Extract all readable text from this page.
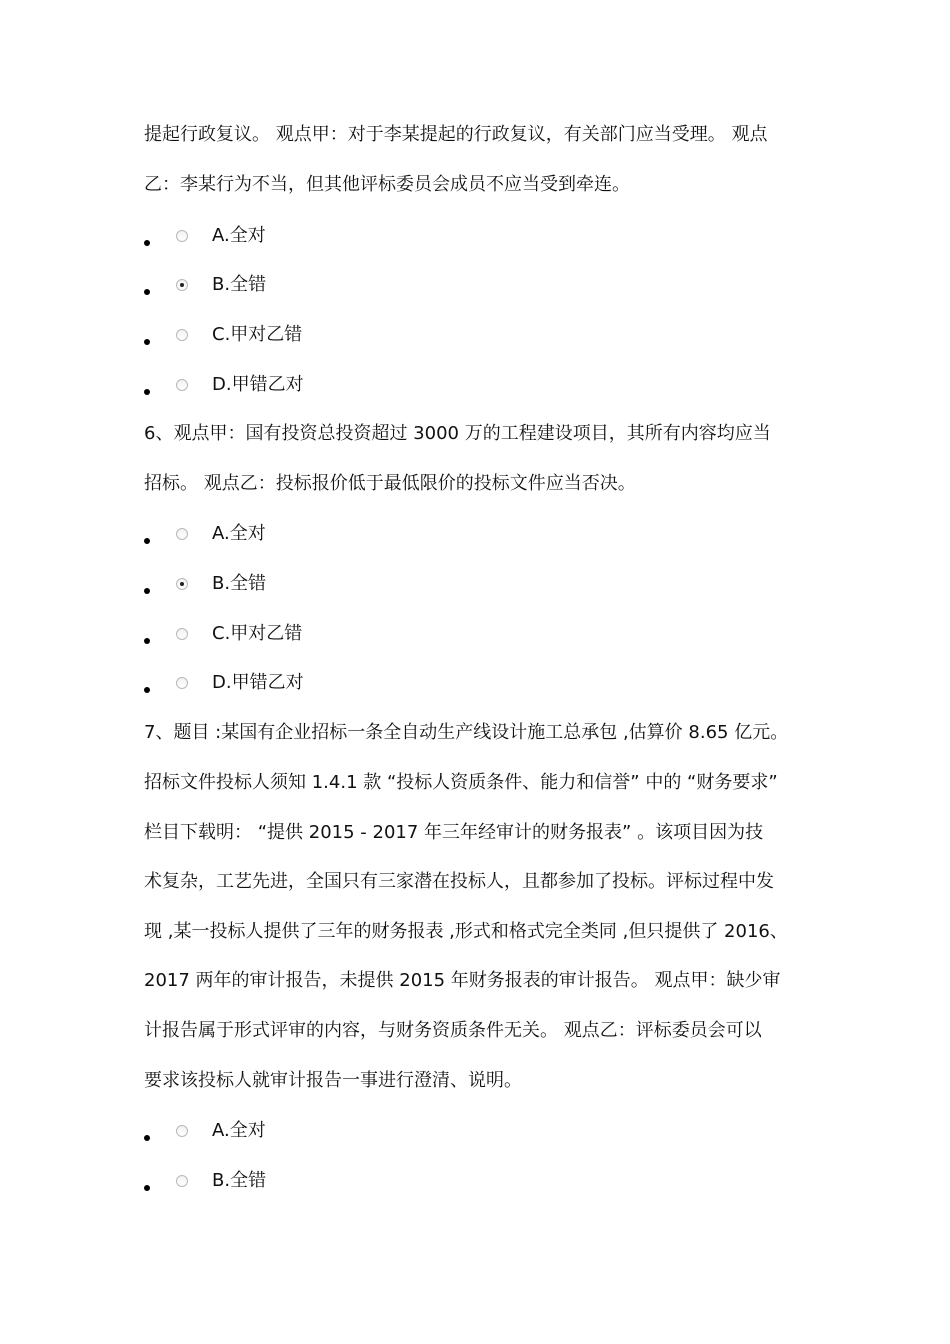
提起行政复议。 观点甲：对于李某提起的行政复议，有关部门应当受理。 观点
乙：李某行为不当，但其他评标委员会成员不应当受到牵连。
A.全对
B.全错
C.甲对乙错
D.甲错乙对
6、观点甲：国有投资总投资超过 3000 万的工程建设项目，其所有内容均应当
招标。 观点乙：投标报价低于最低限价的投标文件应当否决。
A.全对
B.全错
C.甲对乙错
D.甲错乙对
7、题目 :某国有企业招标一条全自动生产线设计施工总承包 ,估算价 8.65 亿元。
招标文件投标人须知 1.4.1 款 “投标人资质条件、能力和信誉” 中的 “财务要求”
栏目下载明： “提供 2015 - 2017 年三年经审计的财务报表” 。该项目因为技
术复杂，工艺先进，全国只有三家潜在投标人，且都参加了投标。评标过程中发
现 ,某一投标人提供了三年的财务报表 ,形式和格式完全类同 ,但只提供了 2016、
2017 两年的审计报告，未提供 2015 年财务报表的审计报告。 观点甲：缺少审
计报告属于形式评审的内容，与财务资质条件无关。 观点乙：评标委员会可以
要求该投标人就审计报告一事进行澄清、说明。
A.全对
B.全错
